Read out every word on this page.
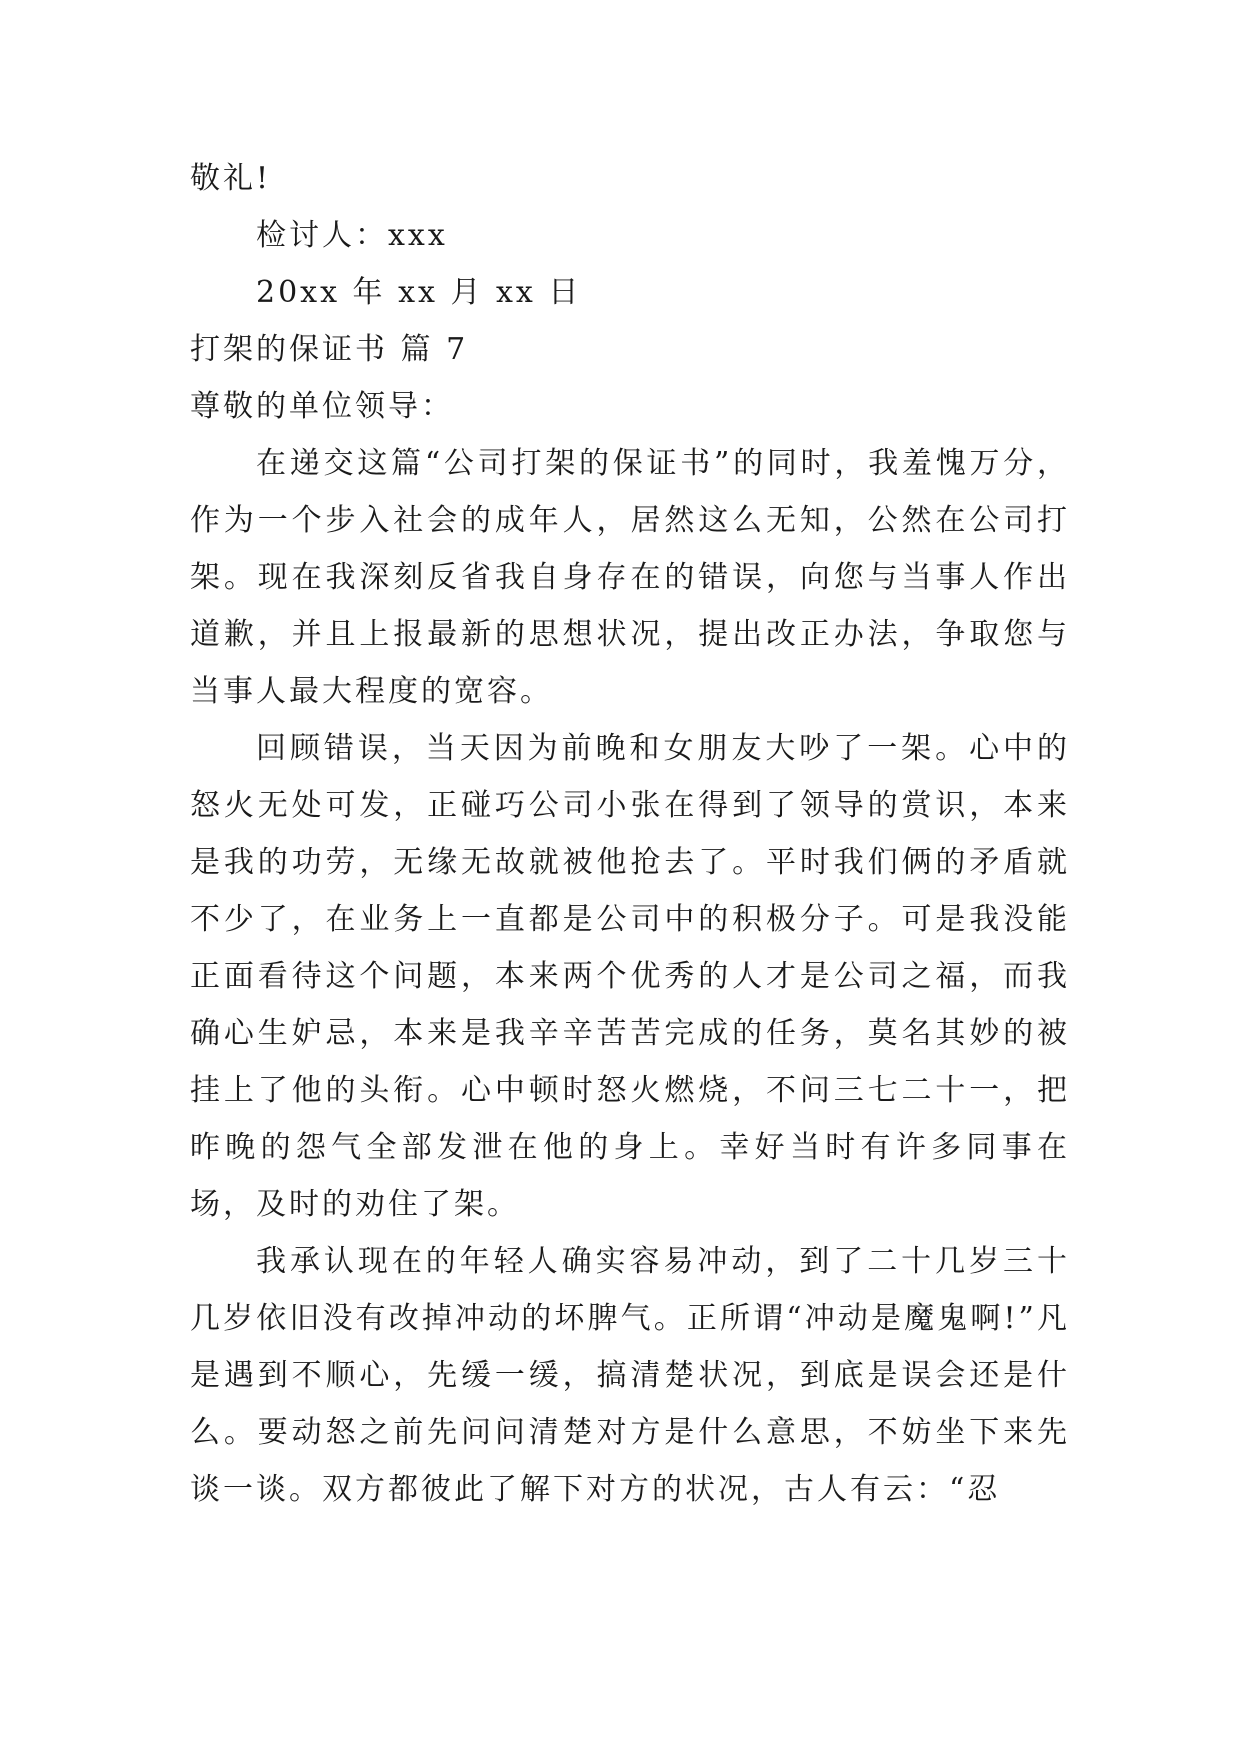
敬礼!

检讨人：xxx

20xx 年 xx 月 xx 日

打架的保证书 篇 7

尊敬的单位领导：

在递交这篇“公司打架的保证书”的同时，我羞愧万分，作为一个步入社会的成年人，居然这么无知，公然在公司打架。现在我深刻反省我自身存在的错误，向您与当事人作出道歉，并且上报最新的思想状况，提出改正办法，争取您与当事人最大程度的宽容。

回顾错误，当天因为前晚和女朋友大吵了一架。心中的怒火无处可发，正碰巧公司小张在得到了领导的赏识，本来是我的功劳，无缘无故就被他抢去了。平时我们俩的矛盾就不少了，在业务上一直都是公司中的积极分子。可是我没能正面看待这个问题，本来两个优秀的人才是公司之福，而我确心生妒忌，本来是我辛辛苦苦完成的任务，莫名其妙的被挂上了他的头衔。心中顿时怒火燃烧，不问三七二十一，把昨晚的怨气全部发泄在他的身上。幸好当时有许多同事在场，及时的劝住了架。

我承认现在的年轻人确实容易冲动，到了二十几岁三十几岁依旧没有改掉冲动的坏脾气。正所谓“冲动是魔鬼啊!”凡是遇到不顺心，先缓一缓，搞清楚状况，到底是误会还是什么。要动怒之前先问问清楚对方是什么意思，不妨坐下来先谈一谈。双方都彼此了解下对方的状况，古人有云：“忍
